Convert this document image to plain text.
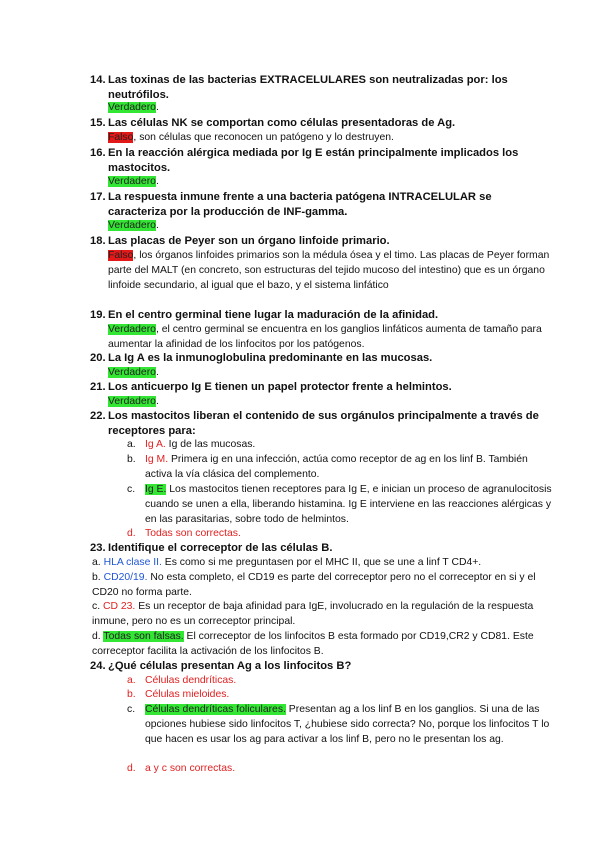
14. Las toxinas de las bacterias EXTRACELULARES son neutralizadas por: los neutrófilos.
Verdadero.
15. Las células NK se comportan como células presentadoras de Ag.
Falso, son células que reconocen un patógeno y lo destruyen.
16. En la reacción alérgica mediada por Ig E están principalmente implicados los mastocitos.
Verdadero.
17. La respuesta inmune frente a una bacteria patógena INTRACELULAR se caracteriza por la producción de INF-gamma.
Verdadero.
18. Las placas de Peyer son un órgano linfoide primario.
Falso, los órganos linfoides primarios son la médula ósea y el timo. Las placas de Peyer forman parte del MALT (en concreto, son estructuras del tejido mucoso del intestino) que es un órgano linfoide secundario, al igual que el bazo, y el sistema linfático
19. En el centro germinal tiene lugar la maduración de la afinidad.
Verdadero, el centro germinal se encuentra en los ganglios linfáticos aumenta de tamaño para aumentar la afinidad de los linfocitos por los patógenos.
20. La Ig A es la inmunoglobulina predominante en las mucosas.
Verdadero.
21. Los anticuerpo Ig E tienen un papel protector frente a helmintos.
Verdadero.
22. Los mastocitos liberan el contenido de sus orgánulos principalmente a través de receptores para:
a. Ig A. Ig de las mucosas.
b. Ig M. Primera ig en una infección, actúa como receptor de ag en los linf B. También activa la vía clásica del complemento.
c. Ig E. Los mastocitos tienen receptores para Ig E, e inician un proceso de agranulocitosis cuando se unen a ella, liberando histamina. Ig E interviene en las reacciones alérgicas y en las parasitarias, sobre todo de helmintos.
d. Todas son correctas.
23. Identifique el correceptor de las células B.
a. HLA clase II. Es como si me preguntasen por el MHC II, que se une a linf T CD4+.
b. CD20/19. No esta completo, el CD19 es parte del correceptor pero no el correceptor en si y el CD20 no forma parte.
c. CD 23. Es un receptor de baja afinidad para IgE, involucrado en la regulación de la respuesta inmune, pero no es un correceptor principal.
d. Todas son falsas. El correceptor de los linfocitos B esta formado por CD19,CR2 y CD81. Este correceptor facilita la activación de los linfocitos B.
24. ¿Qué células presentan Ag a los linfocitos B?
a. Células dendríticas.
b. Células mieloides.
c. Células dendríticas foliculares. Presentan ag a los linf B en los ganglios. Si una de las opciones hubiese sido linfocitos T, ¿hubiese sido correcta? No, porque los linfocitos T lo que hacen es usar los ag para activar a los linf B, pero no le presentan los ag.
d. a y c son correctas.
